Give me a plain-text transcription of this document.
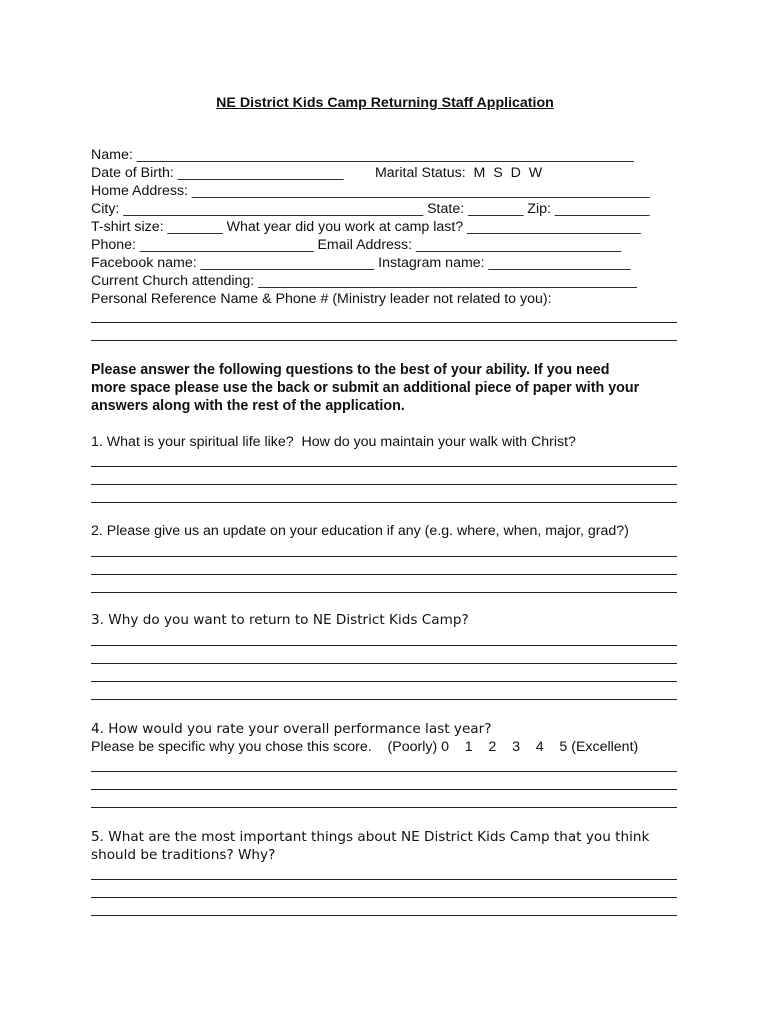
NE District Kids Camp Returning Staff Application
Name: _______________________________________________________________
Date of Birth: _____________________        Marital Status:  M  S  D  W
Home Address: __________________________________________________________
City: ______________________________________ State: _______ Zip: ____________
T-shirt size: _______ What year did you work at camp last? ______________________
Phone: ______________________ Email Address: __________________________
Facebook name: ______________________ Instagram name: __________________
Current Church attending: ________________________________________________
Personal Reference Name & Phone # (Ministry leader not related to you):
Please answer the following questions to the best of your ability. If you need
more space please use the back or submit an additional piece of paper with your
answers along with the rest of the application.
1. What is your spiritual life like?  How do you maintain your walk with Christ?
2. Please give us an update on your education if any (e.g. where, when, major, grad?)
3. Why do you want to return to NE District Kids Camp?
4. How would you rate your overall performance last year?
Please be specific why you chose this score.    (Poorly) 0    1    2    3    4    5 (Excellent)
5. What are the most important things about NE District Kids Camp that you think
should be traditions? Why?
